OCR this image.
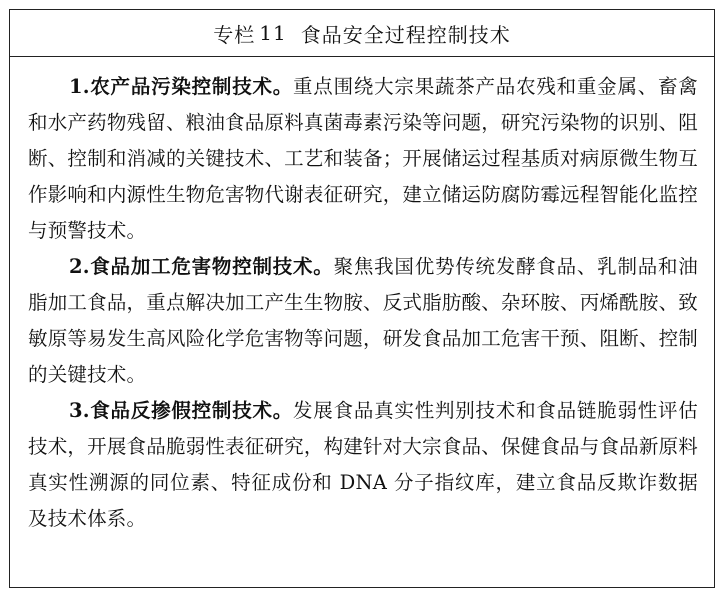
专栏 11 食品安全过程控制技术

1.农产品污染控制技术。重点围绕大宗果蔬茶产品农残和重金属、畜禽和水产药物残留、粮油食品原料真菌毒素污染等问题，研究污染物的识别、阻断、控制和消减的关键技术、工艺和装备；开展储运过程基质对病原微生物互作影响和内源性生物危害物代谢表征研究，建立储运防腐防霉远程智能化监控与预警技术。

2.食品加工危害物控制技术。聚焦我国优势传统发酵食品、乳制品和油脂加工食品，重点解决加工产生生物胺、反式脂肪酸、杂环胺、丙烯酰胺、致敏原等易发生高风险化学危害物等问题，研发食品加工危害干预、阻断、控制的关键技术。

3.食品反掺假控制技术。发展食品真实性判别技术和食品链脆弱性评估技术，开展食品脆弱性表征研究，构建针对大宗食品、保健食品与食品新原料真实性溯源的同位素、特征成份和 DNA 分子指纹库，建立食品反欺诈数据及技术体系。
